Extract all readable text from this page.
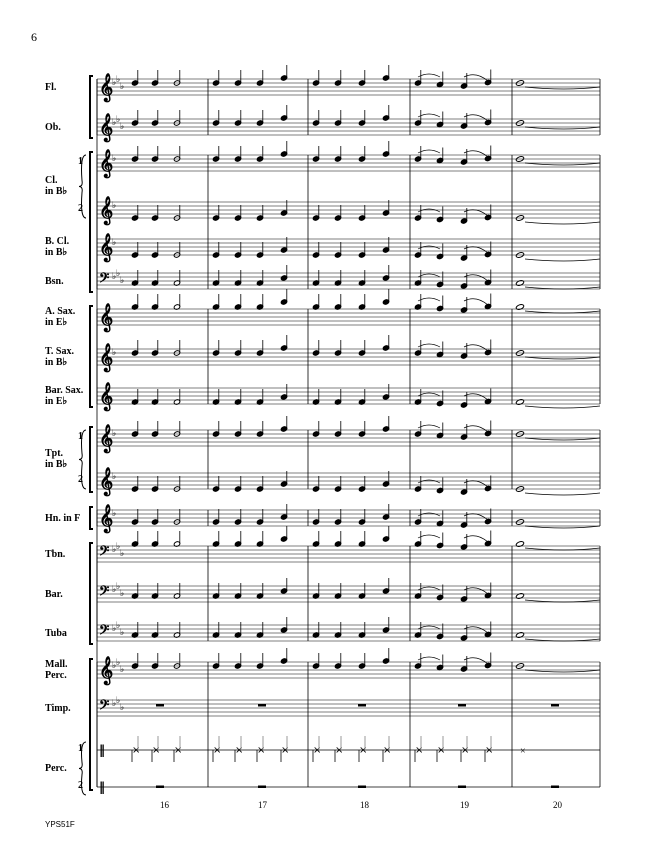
6
Fl.
Ob.
Cl.
in B♭
1
2
B. Cl.
in B♭
Bsn.
A. Sax.
in E♭
T. Sax.
in B♭
Bar. Sax.
in E♭
Tpt.
in B♭
1
2
Hn. in F
Tbn.
Bar.
Tuba
Mall.
Perc.
Timp.
Perc.
1
2
16	17	18	19	20
𝄞
♭ ♭
♭
𝄞
♭ ♭
♭
𝄞
♭
𝄞
♭
𝄞
♭
𝄢 ♭ ♭
♭
𝄞
𝄞
♭
𝄞
𝄞
♭
𝄞
♭
𝄞
♭
𝄢 ♭ ♭
♭
𝄢 ♭ ♭
♭
𝄢 ♭ ♭
♭
𝄞
♭ ♭
♭
𝄢 ♭ ♭
♭
‖	× × ×	× × × × × × × × × × × ×	×
‖
YPS51F
